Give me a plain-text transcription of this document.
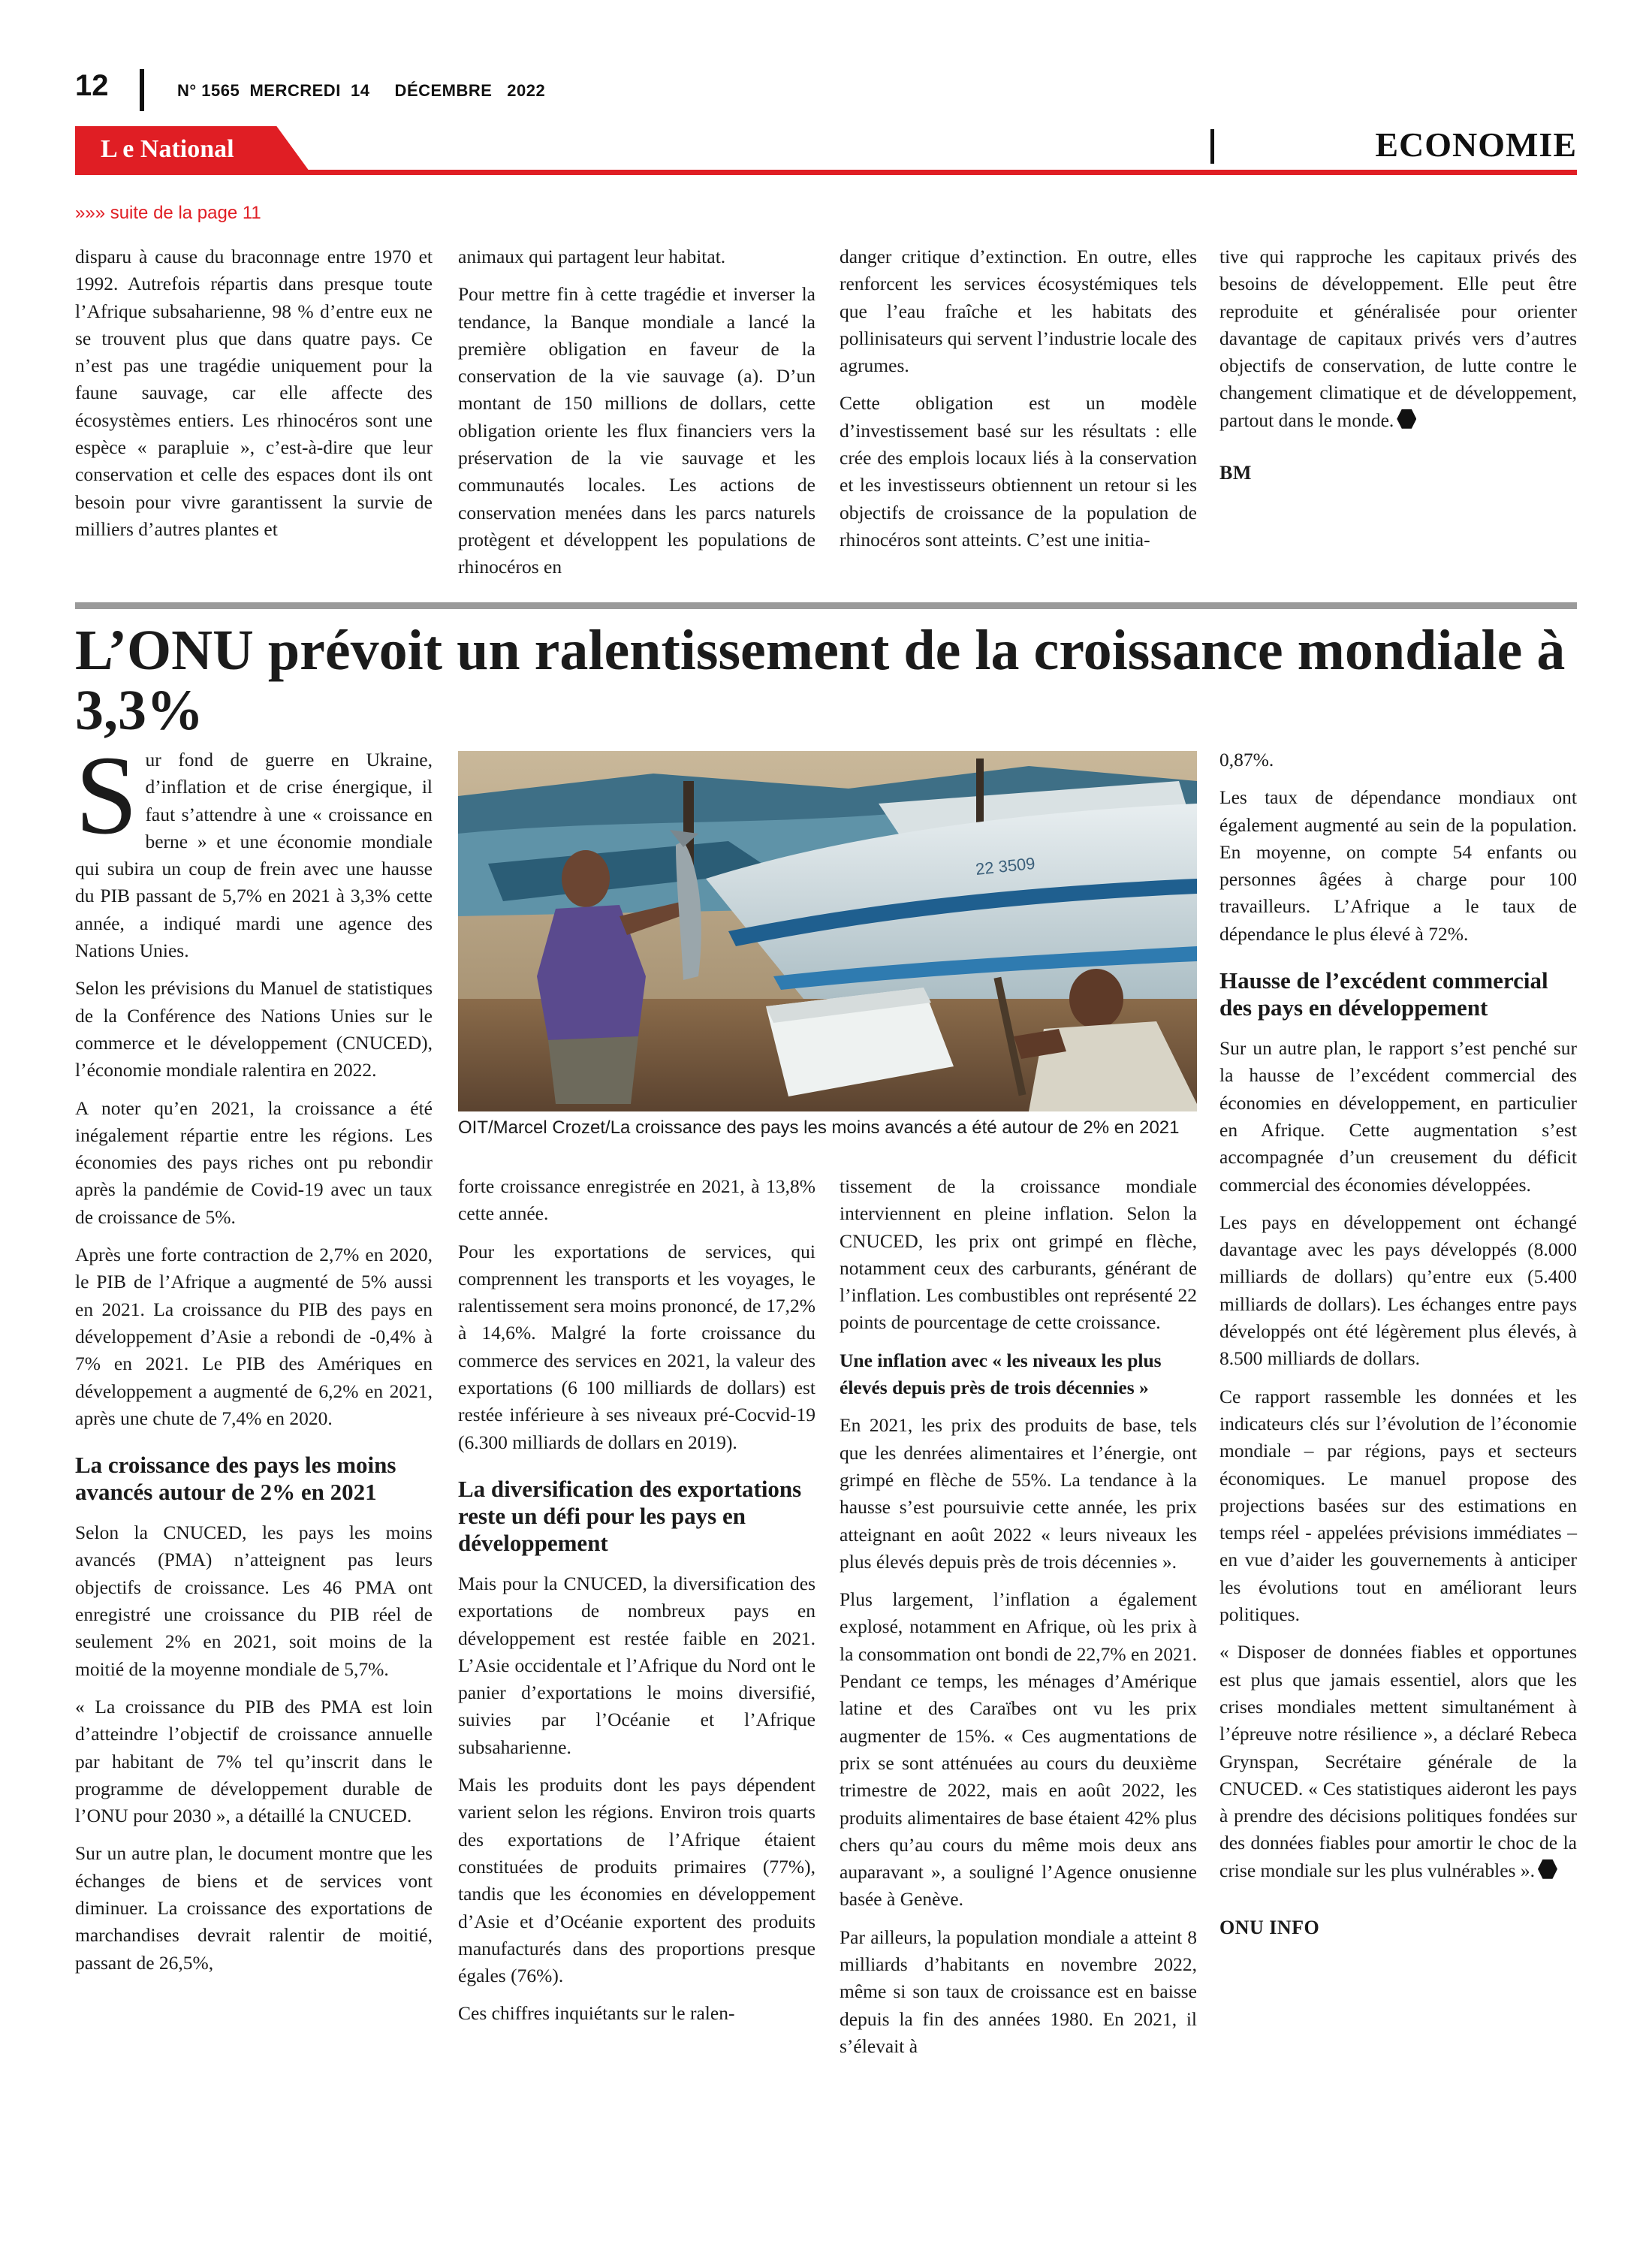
12	N° 1565  MERCREDI  14     DÉCEMBRE   2022
L e National	ECONOMIE
»»» suite de la page 11

disparu à cause du braconnage entre 1970 et 1992. Autrefois répartis dans presque toute l’Afrique subsaharienne, 98 % d’entre eux ne se trouvent plus que dans quatre pays. Ce n’est pas une tragédie uniquement pour la faune sauvage, car elle affecte des écosystèmes entiers. Les rhinocéros sont une espèce « parapluie », c’est-à-dire que leur conservation et celle des espaces dont ils ont besoin pour vivre garantissent la survie de milliers d’autres plantes et

animaux qui partagent leur habitat.

Pour mettre fin à cette tragédie et inverser la tendance, la Banque mondiale a lancé la première obligation en faveur de la conservation de la vie sauvage (a). D’un montant de 150 millions de dollars, cette obligation oriente les flux financiers vers la préservation de la vie sauvage et les communautés locales. Les actions de conservation menées dans les parcs naturels protègent et développent les populations de rhinocéros en

danger critique d’extinction. En outre, elles renforcent les services écosystémiques tels que l’eau fraîche et les habitats des pollinisateurs qui servent l’industrie locale des agrumes.

Cette obligation est un modèle d’investissement basé sur les résultats : elle crée des emplois locaux liés à la conservation et les investisseurs obtiennent un retour si les objectifs de croissance de la population de rhinocéros sont atteints. C’est une initia-

tive qui rapproche les capitaux privés des besoins de développement. Elle peut être reproduite et généralisée pour orienter davantage de capitaux privés vers d’autres objectifs de conservation, de lutte contre le changement climatique et de développement, partout dans le monde.

BM

L’ONU prévoit un ralentissement de la croissance mondiale à 3,3%

Sur fond de guerre en Ukraine, d’inflation et de crise énergique, il faut s’attendre à une « croissance en berne » et une économie mondiale qui subira un coup de frein avec une hausse du PIB passant de 5,7% en 2021 à 3,3% cette année, a indiqué mardi une agence des Nations Unies.

Selon les prévisions du Manuel de statistiques de la Conférence des Nations Unies sur le commerce et le développement (CNUCED), l’économie mondiale ralentira en 2022.

A noter qu’en 2021, la croissance a été inégalement répartie entre les régions. Les économies des pays riches ont pu rebondir après la pandémie de Covid-19 avec un taux de croissance de 5%.

Après une forte contraction de 2,7% en 2020, le PIB de l’Afrique a augmenté de 5% aussi en 2021. La croissance du PIB des pays en développement d’Asie a rebondi de -0,4% à 7% en 2021. Le PIB des Amériques en développement a augmenté de 6,2% en 2021, après une chute de 7,4% en 2020.

La croissance des pays les moins avancés autour de 2% en 2021

Selon la CNUCED, les pays les moins avancés (PMA) n’atteignent pas leurs objectifs de croissance. Les 46 PMA ont enregistré une croissance du PIB réel de seulement 2% en 2021, soit moins de la moitié de la moyenne mondiale de 5,7%.

« La croissance du PIB des PMA est loin d’atteindre l’objectif de croissance annuelle par habitant de 7% tel qu’inscrit dans le programme de développement durable de l’ONU pour 2030 », a détaillé la CNUCED.

Sur un autre plan, le document montre que les échanges de biens et de services vont diminuer. La croissance des exportations de marchandises devrait ralentir de moitié, passant de 26,5%,

22 3509
OIT/Marcel Crozet/La croissance des pays les moins avancés a été autour de 2% en 2021

forte croissance enregistrée en 2021, à 13,8% cette année.

Pour les exportations de services, qui comprennent les transports et les voyages, le ralentissement sera moins prononcé, de 17,2% à 14,6%. Malgré la forte croissance du commerce des services en 2021, la valeur des exportations (6 100 milliards de dollars) est restée inférieure à ses niveaux pré-Cocvid-19 (6.300 milliards de dollars en 2019).

La diversification des exportations reste un défi pour les pays en développement

Mais pour la CNUCED, la diversification des exportations de nombreux pays en développement est restée faible en 2021. L’Asie occidentale et l’Afrique du Nord ont le panier d’exportations le moins diversifié, suivies par l’Océanie et l’Afrique subsaharienne.

Mais les produits dont les pays dépendent varient selon les régions. Environ trois quarts des exportations de l’Afrique étaient constituées de produits primaires (77%), tandis que les économies en développement d’Asie et d’Océanie exportent des produits manufacturés dans des proportions presque égales (76%).

Ces chiffres inquiétants sur le ralen-

tissement de la croissance mondiale interviennent en pleine inflation. Selon la CNUCED, les prix ont grimpé en flèche, notamment ceux des carburants, générant de l’inflation. Les combustibles ont représenté 22 points de pourcentage de cette croissance.

Une inflation avec « les niveaux les plus élevés depuis près de trois décennies »

En 2021, les prix des produits de base, tels que les denrées alimentaires et l’énergie, ont grimpé en flèche de 55%. La tendance à la hausse s’est poursuivie cette année, les prix atteignant en août 2022 « leurs niveaux les plus élevés depuis près de trois décennies ».

Plus largement, l’inflation a également explosé, notamment en Afrique, où les prix à la consommation ont bondi de 22,7% en 2021. Pendant ce temps, les ménages d’Amérique latine et des Caraïbes ont vu les prix augmenter de 15%. « Ces augmentations de prix se sont atténuées au cours du deuxième trimestre de 2022, mais en août 2022, les produits alimentaires de base étaient 42% plus chers qu’au cours du même mois deux ans auparavant », a souligné l’Agence onusienne basée à Genève.

Par ailleurs, la population mondiale a atteint 8 milliards d’habitants en novembre 2022, même si son taux de croissance est en baisse depuis la fin des années 1980. En 2021, il s’élevait à

0,87%.

Les taux de dépendance mondiaux ont également augmenté au sein de la population. En moyenne, on compte 54 enfants ou personnes âgées à charge pour 100 travailleurs. L’Afrique a le taux de dépendance le plus élevé à 72%.

Hausse de l’excédent commercial des pays en développement

Sur un autre plan, le rapport s’est penché sur la hausse de l’excédent commercial des économies en développement, en particulier en Afrique. Cette augmentation s’est accompagnée d’un creusement du déficit commercial des économies développées.

Les pays en développement ont échangé davantage avec les pays développés (8.000 milliards de dollars) qu’entre eux (5.400 milliards de dollars). Les échanges entre pays développés ont été légèrement plus élevés, à 8.500 milliards de dollars.

Ce rapport rassemble les données et les indicateurs clés sur l’évolution de l’économie mondiale – par régions, pays et secteurs économiques. Le manuel propose des projections basées sur des estimations en temps réel - appelées prévisions immédiates – en vue d’aider les gouvernements à anticiper les évolutions tout en améliorant leurs politiques.

« Disposer de données fiables et opportunes est plus que jamais essentiel, alors que les crises mondiales mettent simultanément à l’épreuve notre résilience », a déclaré Rebeca Grynspan, Secrétaire générale de la CNUCED. « Ces statistiques aideront les pays à prendre des décisions politiques fondées sur des données fiables pour amortir le choc de la crise mondiale sur les plus vulnérables ».

ONU INFO
